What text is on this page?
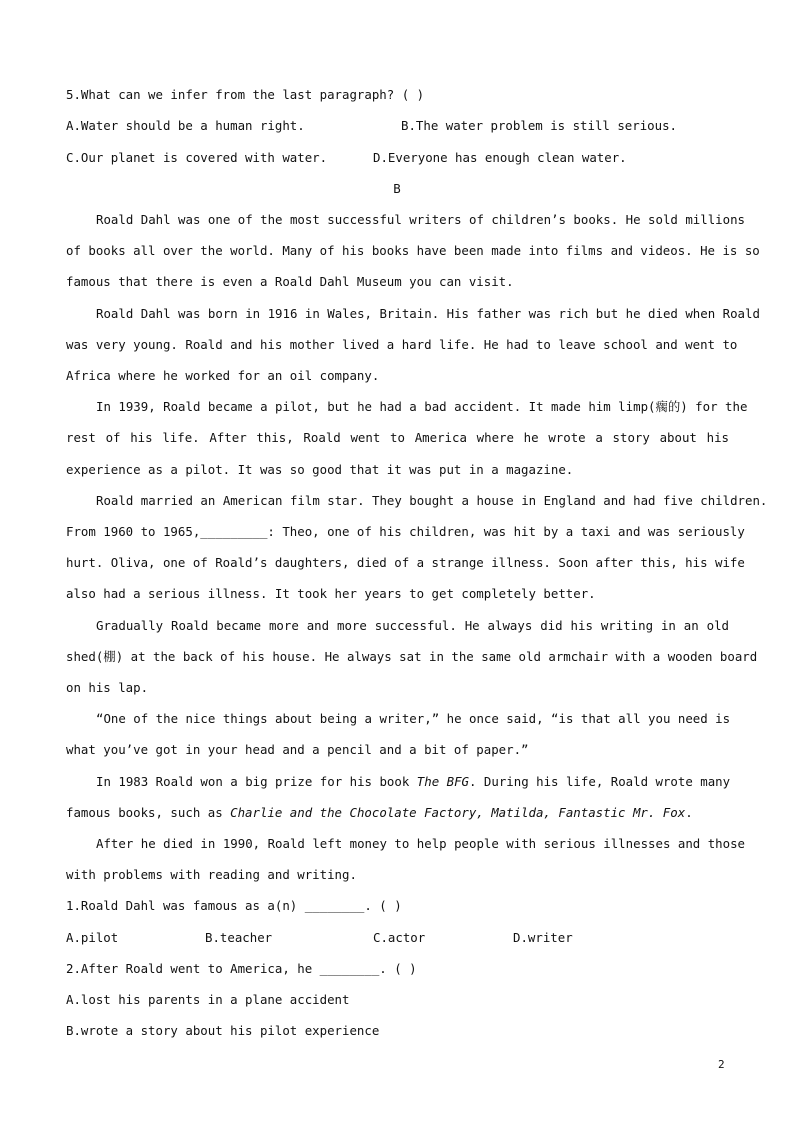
5.What can we infer from the last paragraph? ( )
A.Water should be a human right.	B.The water problem is still serious.
C.Our planet is covered with water.	D.Everyone has enough clean water.
B
Roald Dahl was one of the most successful writers of children’s books. He sold millions
of books all over the world. Many of his books have been made into films and videos. He is so
famous that there is even a Roald Dahl Museum you can visit.
Roald Dahl was born in 1916 in Wales, Britain. His father was rich but he died when Roald
was very young. Roald and his mother lived a hard life. He had to leave school and went to
Africa where he worked for an oil company.
In 1939, Roald became a pilot, but he had a bad accident. It made him limp(瘸的) for the
rest of his life. After this, Roald went to America where he wrote a story about his
experience as a pilot. It was so good that it was put in a magazine.
Roald married an American film star. They bought a house in England and had five children.
From 1960 to 1965,_________: Theo, one of his children, was hit by a taxi and was seriously
hurt. Oliva, one of Roald’s daughters, died of a strange illness. Soon after this, his wife
also had a serious illness. It took her years to get completely better.
Gradually Roald became more and more successful. He always did his writing in an old
shed(棚) at the back of his house. He always sat in the same old armchair with a wooden board
on his lap.
“One of the nice things about being a writer,” he once said, “is that all you need is
what you’ve got in your head and a pencil and a bit of paper.”
In 1983 Roald won a big prize for his book The BFG. During his life, Roald wrote many
famous books, such as Charlie and the Chocolate Factory, Matilda, Fantastic Mr. Fox.
After he died in 1990, Roald left money to help people with serious illnesses and those
with problems with reading and writing.
1.Roald Dahl was famous as a(n) ________. ( )
A.pilot	B.teacher	C.actor	D.writer
2.After Roald went to America, he ________. ( )
A.lost his parents in a plane accident
B.wrote a story about his pilot experience
2
